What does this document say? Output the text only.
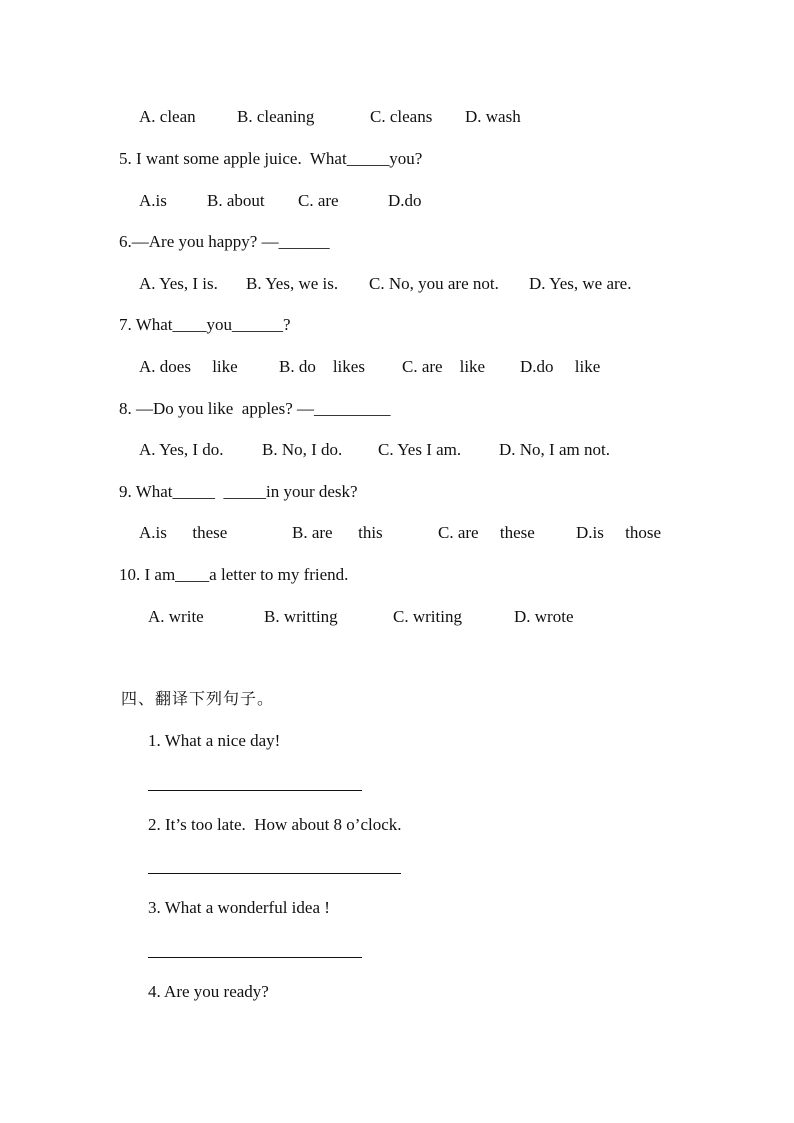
A. clean B. cleaning	C. cleans D. wash
5. I want some apple juice.  What_____you?
A.is B. about C. are	D.do
6.—Are you happy? —______
A. Yes, I is. B. Yes, we is. C. No, you are not. D. Yes, we are.
7. What____you______?
A. does     like B. do    likes C. are    like D.do     like
8. —Do you like  apples? —_________
A. Yes, I do. B. No, I do. C. Yes I am. D. No, I am not.
9. What_____  _____in your desk?
A.is      these	B. are      this	C. are     these D.is     those
10. I am____a letter to my friend.
A. write	B. writting	C. writing	D. wrote
四、翻译下列句子。
1. What a nice day!
2. It’s too late.  How about 8 o’clock.
3. What a wonderful idea !
4. Are you ready?
